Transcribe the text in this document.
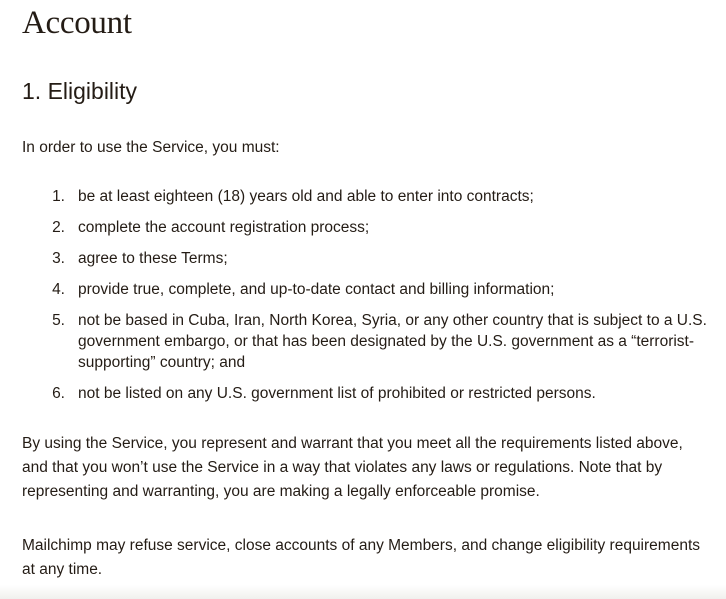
Account
1. Eligibility

In order to use the Service, you must:

1. be at least eighteen (18) years old and able to enter into contracts;
2. complete the account registration process;
3. agree to these Terms;
4. provide true, complete, and up-to-date contact and billing information;
5. not be based in Cuba, Iran, North Korea, Syria, or any other country that is subject to a U.S. government embargo, or that has been designated by the U.S. government as a “terrorist-supporting” country; and
6. not be listed on any U.S. government list of prohibited or restricted persons.

By using the Service, you represent and warrant that you meet all the requirements listed above, and that you won’t use the Service in a way that violates any laws or regulations. Note that by representing and warranting, you are making a legally enforceable promise.

Mailchimp may refuse service, close accounts of any Members, and change eligibility requirements at any time.
